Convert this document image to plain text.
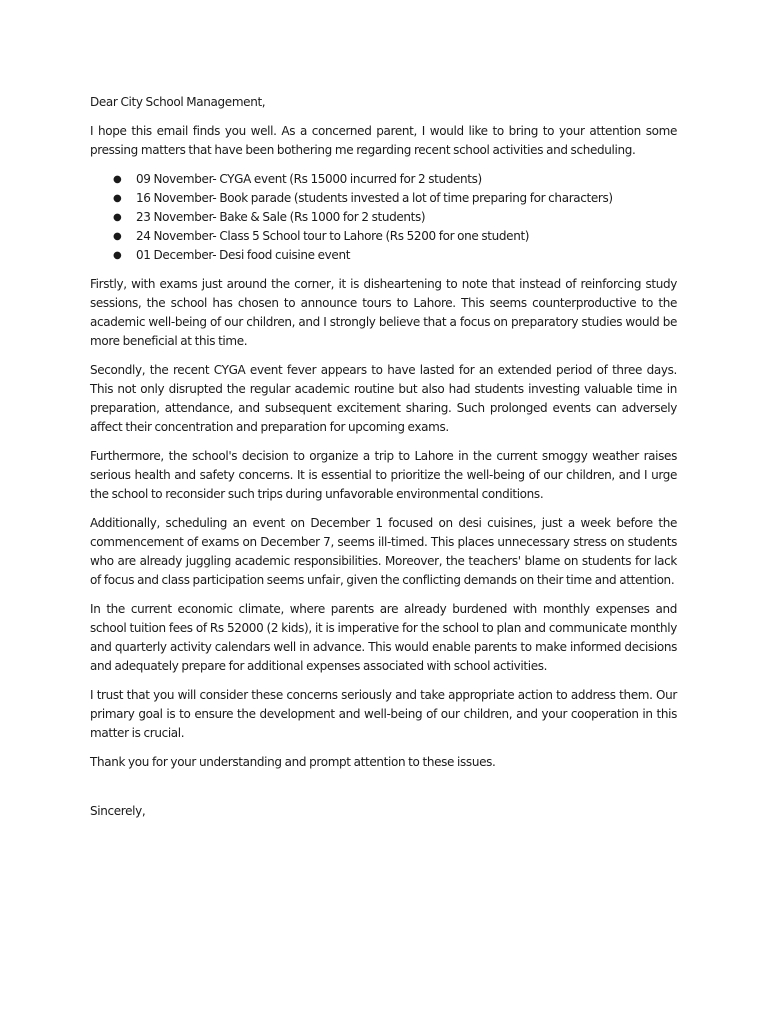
Dear City School Management,

I hope this email finds you well. As a concerned parent, I would like to bring to your attention some pressing matters that have been bothering me regarding recent school activities and scheduling.

● 09 November- CYGA event (Rs 15000 incurred for 2 students)
● 16 November- Book parade (students invested a lot of time preparing for characters)
● 23 November- Bake & Sale (Rs 1000 for 2 students)
● 24 November- Class 5 School tour to Lahore (Rs 5200 for one student)
● 01 December- Desi food cuisine event

Firstly, with exams just around the corner, it is disheartening to note that instead of reinforcing study sessions, the school has chosen to announce tours to Lahore. This seems counterproductive to the academic well-being of our children, and I strongly believe that a focus on preparatory studies would be more beneficial at this time.

Secondly, the recent CYGA event fever appears to have lasted for an extended period of three days. This not only disrupted the regular academic routine but also had students investing valuable time in preparation, attendance, and subsequent excitement sharing. Such prolonged events can adversely affect their concentration and preparation for upcoming exams.

Furthermore, the school's decision to organize a trip to Lahore in the current smoggy weather raises serious health and safety concerns. It is essential to prioritize the well-being of our children, and I urge the school to reconsider such trips during unfavorable environmental conditions.

Additionally, scheduling an event on December 1 focused on desi cuisines, just a week before the commencement of exams on December 7, seems ill-timed. This places unnecessary stress on students who are already juggling academic responsibilities. Moreover, the teachers' blame on students for lack of focus and class participation seems unfair, given the conflicting demands on their time and attention.

In the current economic climate, where parents are already burdened with monthly expenses and school tuition fees of Rs 52000 (2 kids), it is imperative for the school to plan and communicate monthly and quarterly activity calendars well in advance. This would enable parents to make informed decisions and adequately prepare for additional expenses associated with school activities.

I trust that you will consider these concerns seriously and take appropriate action to address them. Our primary goal is to ensure the development and well-being of our children, and your cooperation in this matter is crucial.

Thank you for your understanding and prompt attention to these issues.

Sincerely,
